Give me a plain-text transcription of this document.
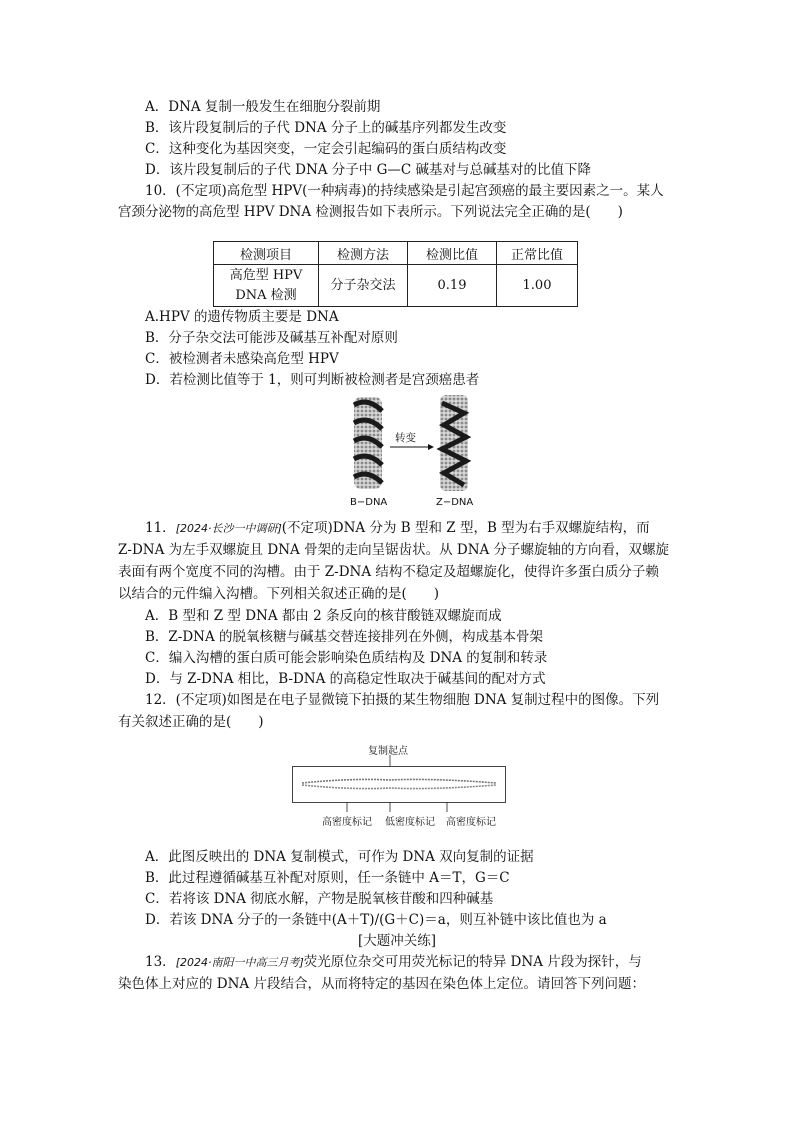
A．DNA 复制一般发生在细胞分裂前期
B．该片段复制后的子代 DNA 分子上的碱基序列都发生改变
C．这种变化为基因突变，一定会引起编码的蛋白质结构改变
D．该片段复制后的子代 DNA 分子中 G—C 碱基对与总碱基对的比值下降
10．(不定项)高危型 HPV(一种病毒)的持续感染是引起宫颈癌的最主要因素之一。某人
宫颈分泌物的高危型 HPV DNA 检测报告如下表所示。下列说法完全正确的是(　　)
检测项目	检测方法	检测比值	正常比值

高危型 HPV
DNA 检测	分子杂交法	0.19	1.00
A.HPV 的遗传物质主要是 DNA
B．分子杂交法可能涉及碱基互补配对原则
C．被检测者未感染高危型 HPV
D．若检测比值等于 1，则可判断被检测者是宫颈癌患者
转变
B−DNA	Z−DNA
11．[2024·长沙一中调研](不定项)DNA 分为 B 型和 Z 型，B 型为右手双螺旋结构，而
Z-DNA 为左手双螺旋且 DNA 骨架的走向呈锯齿状。从 DNA 分子螺旋轴的方向看，双螺旋
表面有两个宽度不同的沟槽。由于 Z-DNA 结构不稳定及超螺旋化，使得许多蛋白质分子赖
以结合的元件编入沟槽。下列相关叙述正确的是(　　)
A．B 型和 Z 型 DNA 都由 2 条反向的核苷酸链双螺旋而成
B．Z-DNA 的脱氧核糖与碱基交替连接排列在外侧，构成基本骨架
C．编入沟槽的蛋白质可能会影响染色质结构及 DNA 的复制和转录
D．与 Z-DNA 相比，B-DNA 的高稳定性取决于碱基间的配对方式
12．(不定项)如图是在电子显微镜下拍摄的某生物细胞 DNA 复制过程中的图像。下列
有关叙述正确的是(　　)
复制起点
高密度标记 低密度标记 高密度标记
A．此图反映出的 DNA 复制模式，可作为 DNA 双向复制的证据
B．此过程遵循碱基互补配对原则，任一条链中 A＝T，G＝C
C．若将该 DNA 彻底水解，产物是脱氧核苷酸和四种碱基
D．若该 DNA 分子的一条链中(A＋T)/(G＋C)＝a，则互补链中该比值也为 a
[大题冲关练]
13．[2024·南阳一中高三月考]荧光原位杂交可用荧光标记的特异 DNA 片段为探针，与
染色体上对应的 DNA 片段结合，从而将特定的基因在染色体上定位。请回答下列问题：
